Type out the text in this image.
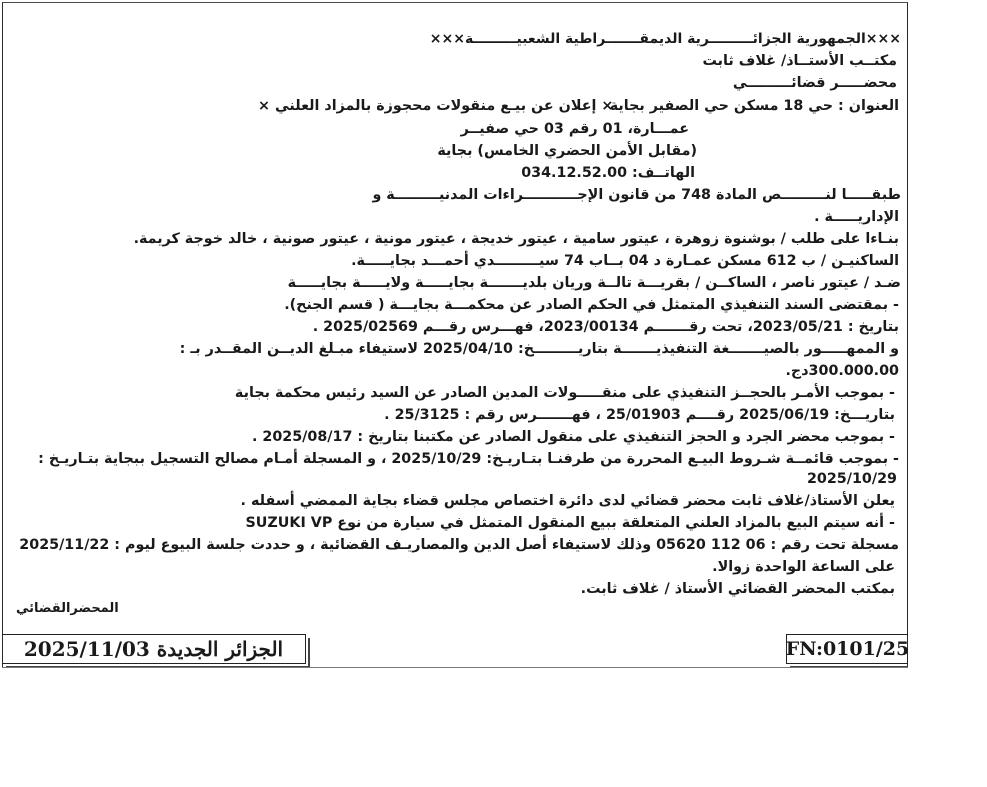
×××الجمهورية الجزائـــــــــرية الديمقـــــــراطية الشعبيـــــــــة×××
مكتــب الأستــاذ/ غلاف ثابت
محضـــــر قضائـــــــــي
العنوان : حي 18 مسكن حي الصفير بجاية
× إعلان عن بيـع منقولات محجوزة بالمزاد العلني ×
عمـــارة، 01 رقم 03 حي صفيــر
(مقابل الأمن الحضري الخامس) بجاية
الهاتــف: 034.12.52.00
طبقـــــا لنـــــــــص المادة 748 من قانون الإجـــــــــــراءات المدنيـــــــــة و
الإداريـــــة .
بنـاءا على طلب / بوشنوة زوهرة ، عيتور سامية ، عيتور خديجة ، عيتور مونية ، عيتور صونية ، خالد خوجة كريمة.
الساكنيـن / ب 612 مسكن عمـارة د 04 بــاب 74 سيـــــــــدي أحمـــد بجايـــــة.
ضـد / عيتور ناصر ، الساكــن / بقريـــة تالــة وريان بلديـــــــة بجايـــــة ولايـــــة بجايـــــة
- بمقتضى السند التنفيذي المتمثل في الحكم الصادر عن محكمـــة بجايـــة ( قسم الجنح).
بتاريخ : 2023/05/21، تحت رقـــــــم 2023/00134، فهـــرس رقـــم 2025/02569 .
و الممهـــــور بالصيـــــــغة التنفيذيـــــــة بتاريـــــــــخ: 2025/04/10 لاستيفاء مبـلغ الديــن المقــدر بـ :
300.000.00دج.
- بموجب الأمـر بالحجــز التنفيذي على منقـــــولات المدين الصادر عن السيد رئيس محكمة بجاية
بتاريـــخ: 2025/06/19 رقــــم 25/01903 ، فهـــــــرس رقم : 25/3125 .
- بموجب محضر الجرد و الحجز التنفيذي على منقول الصادر عن مكتبنا بتاريخ : 2025/08/17 .
- بموجب قائمــة شـروط البيـع المحررة من طرفنـا بتـاريـخ: 2025/10/29 ، و المسجلة أمـام مصالح التسجيل ببجاية بتـاريـخ :
2025/10/29
يعلن الأستاذ/غلاف ثابت محضر قضائي لدى دائرة اختصاص مجلس قضاء بجاية الممضي أسفله .
- أنه سيتم البيع بالمزاد العلني المتعلقة ببيع المنقول المتمثل في سيارة من نوع SUZUKI VP
مسجلة تحت رقم : 06 112 05620 وذلك لاستيفاء أصل الدين والمصاريـف القضائية ، و حددت جلسة البيوع ليوم : 2025/11/22
على الساعة الواحدة زوالا.
بمكتب المحضر القضائي الأستاذ / غلاف ثابت.
المحضرالقضائي
الجزائر الجديدة 2025/11/03	FN:0101/25
